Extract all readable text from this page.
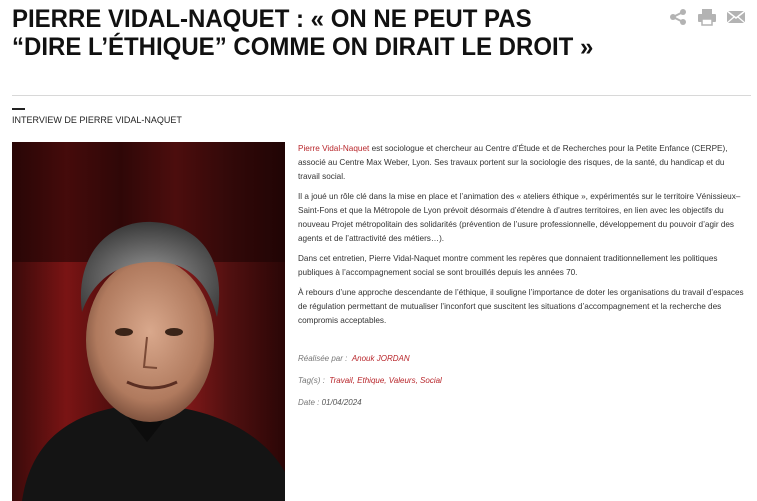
PIERRE VIDAL-NAQUET : « ON NE PEUT PAS “DIRE L’ÉTHIQUE” COMME ON DIRAIT LE DROIT »

INTERVIEW DE PIERRE VIDAL-NAQUET

Pierre Vidal-Naquet est sociologue et chercheur au Centre d’Étude et de Recherches pour la Petite Enfance (CERPE), associé au Centre Max Weber, Lyon. Ses travaux portent sur la sociologie des risques, de la santé, du handicap et du travail social.

Il a joué un rôle clé dans la mise en place et l’animation des « ateliers éthique », expérimentés sur le territoire Vénissieux–Saint-Fons et que la Métropole de Lyon prévoit désormais d’étendre à d’autres territoires, en lien avec les objectifs du nouveau Projet métropolitain des solidarités (prévention de l’usure professionnelle, développement du pouvoir d’agir des agents et de l’attractivité des métiers…).

Dans cet entretien, Pierre Vidal-Naquet montre comment les repères que donnaient traditionnellement les politiques publiques à l’accompagnement social se sont brouillés depuis les années 70.

À rebours d’une approche descendante de l’éthique, il souligne l’importance de doter les organisations du travail d’espaces de régulation permettant de mutualiser l’inconfort que suscitent les situations d’accompagnement et la recherche des compromis acceptables.

Réalisée par : Anouk JORDAN

Tag(s) : Travail, Ethique, Valeurs, Social

Date : 01/04/2024
